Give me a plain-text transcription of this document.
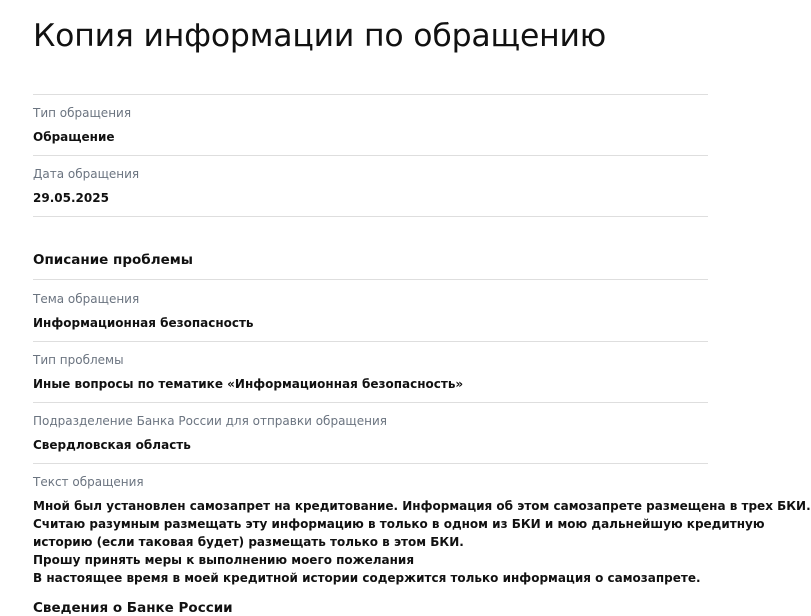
Копия информации по обращению
Тип обращения
Обращение
Дата обращения
29.05.2025
Описание проблемы
Тема обращения
Информационная безопасность
Тип проблемы
Иные вопросы по тематике «Информационная безопасность»
Подразделение Банка России для отправки обращения
Свердловская область
Текст обращения
Мной был установлен самозапрет на кредитование. Информация об этом самозапрете размещена в трех БКИ.
Считаю разумным размещать эту информацию в только в одном из БКИ и мою дальнейшую кредитную
историю (если таковая будет) размещать только в этом БКИ.
Прошу принять меры к выполнению моего пожелания
В настоящее время в моей кредитной истории содержится только информация о самозапрете.
Сведения о Банке России
